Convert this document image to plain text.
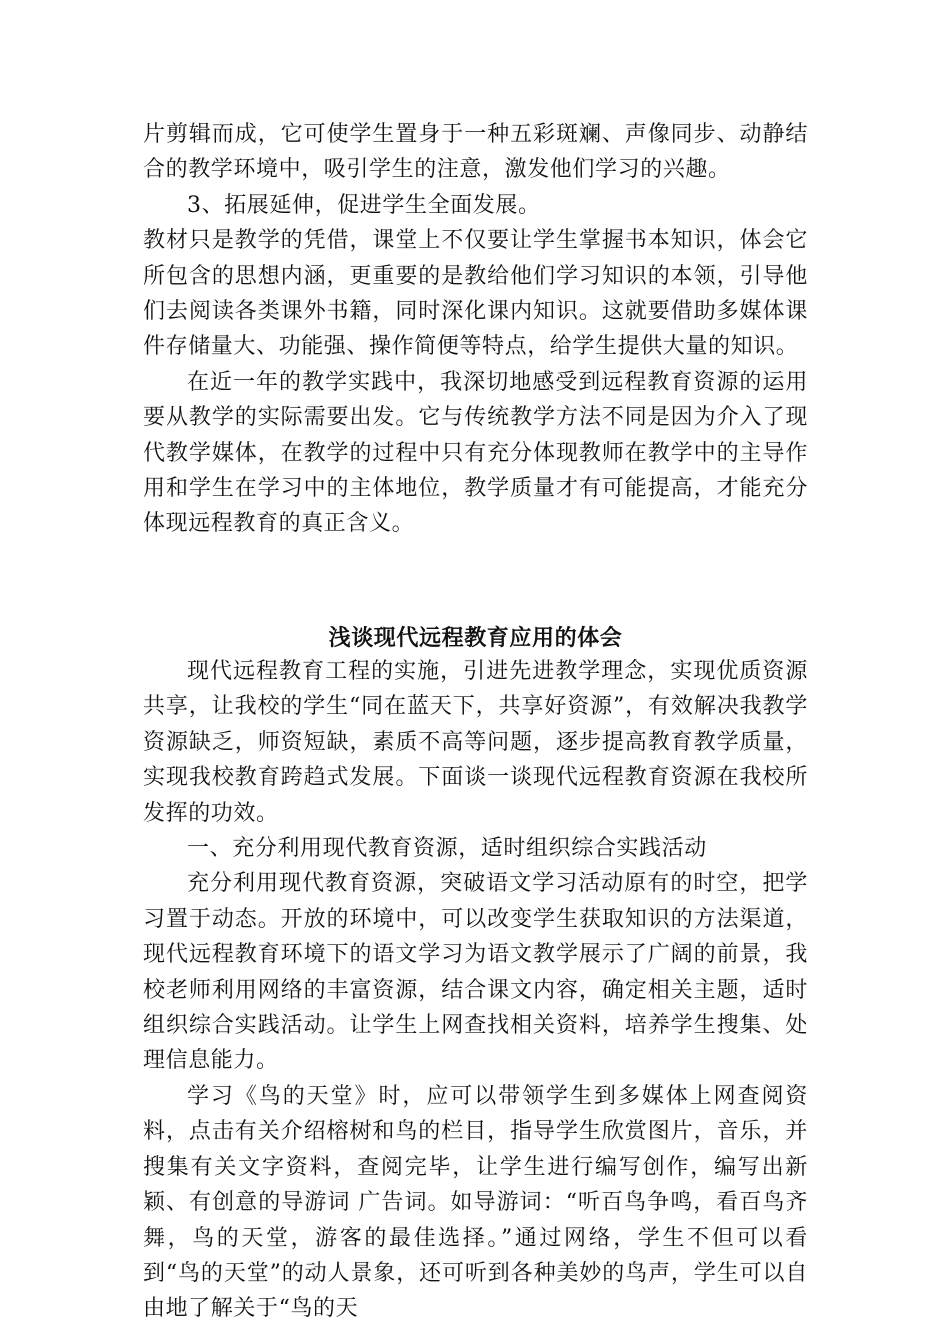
片剪辑而成，它可使学生置身于一种五彩斑斓、声像同步、动静结合的教学环境中，吸引学生的注意，激发他们学习的兴趣。

3、拓展延伸，促进学生全面发展。

教材只是教学的凭借，课堂上不仅要让学生掌握书本知识，体会它所包含的思想内涵，更重要的是教给他们学习知识的本领，引导他们去阅读各类课外书籍，同时深化课内知识。这就要借助多媒体课件存储量大、功能强、操作简便等特点，给学生提供大量的知识。

在近一年的教学实践中，我深切地感受到远程教育资源的运用要从教学的实际需要出发。它与传统教学方法不同是因为介入了现代教学媒体，在教学的过程中只有充分体现教师在教学中的主导作用和学生在学习中的主体地位，教学质量才有可能提高，才能充分体现远程教育的真正含义。

浅谈现代远程教育应用的体会

现代远程教育工程的实施，引进先进教学理念，实现优质资源共享，让我校的学生“同在蓝天下，共享好资源”，有效解决我教学资源缺乏，师资短缺，素质不高等问题，逐步提高教育教学质量，实现我校教育跨趋式发展。下面谈一谈现代远程教育资源在我校所发挥的功效。

一、充分利用现代教育资源，适时组织综合实践活动

充分利用现代教育资源，突破语文学习活动原有的时空，把学习置于动态。开放的环境中，可以改变学生获取知识的方法渠道，现代远程教育环境下的语文学习为语文教学展示了广阔的前景，我校老师利用网络的丰富资源，结合课文内容，确定相关主题，适时组织综合实践活动。让学生上网查找相关资料，培养学生搜集、处理信息能力。

学习《鸟的天堂》时，应可以带领学生到多媒体上网查阅资料，点击有关介绍榕树和鸟的栏目，指导学生欣赏图片，音乐，并搜集有关文字资料，查阅完毕，让学生进行编写创作，编写出新颖、有创意的导游词 广告词。如导游词：“听百鸟争鸣，看百鸟齐舞，鸟的天堂，游客的最佳选择。”通过网络，学生不但可以看到“鸟的天堂”的动人景象，还可听到各种美妙的鸟声，学生可以自由地了解关于“鸟的天
